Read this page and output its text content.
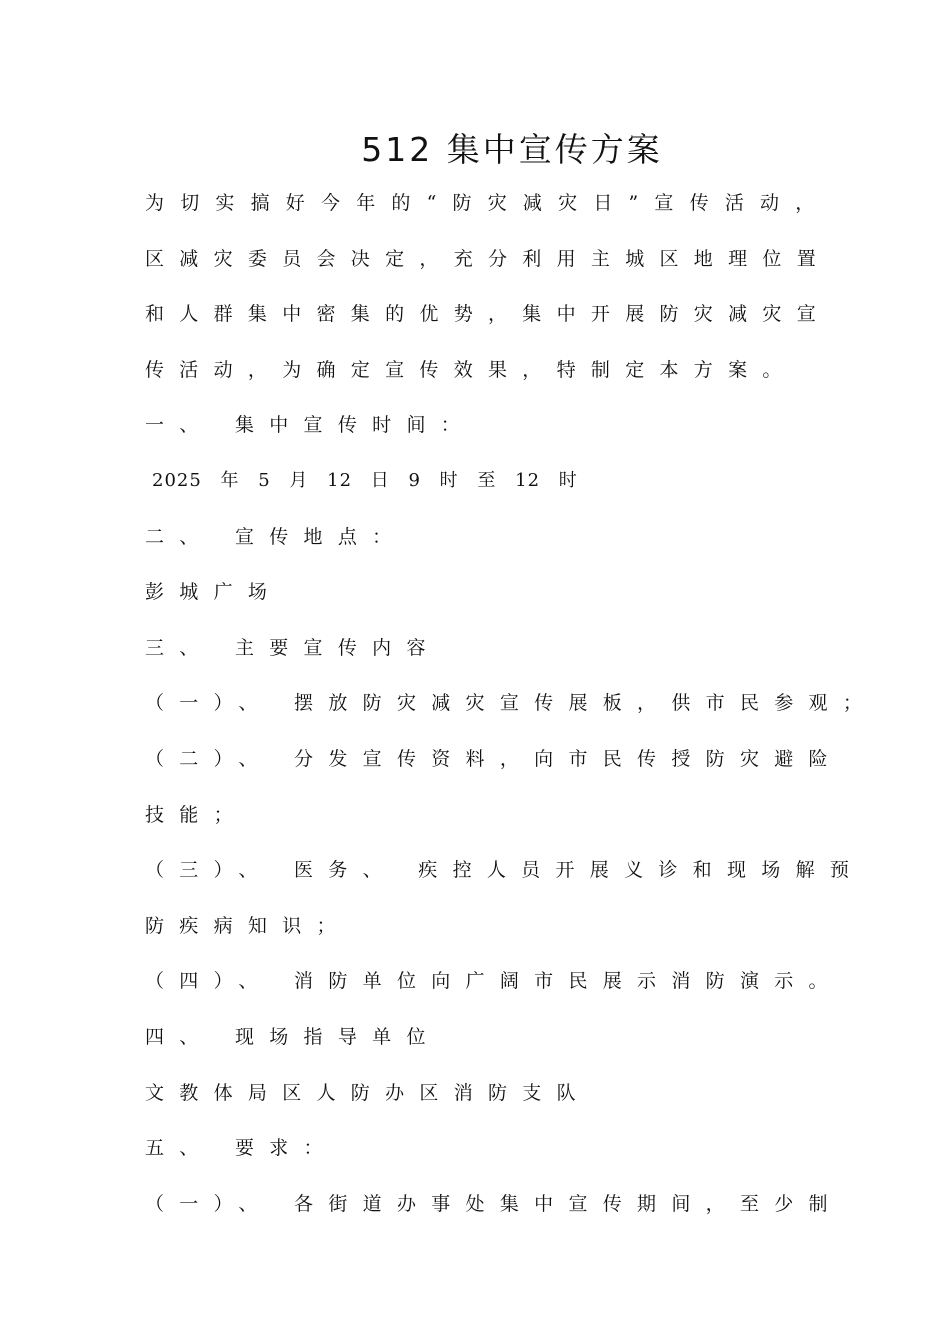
512 集中宣传方案
为切实搞好今年的“防灾减灾日”宣传活动，
区减灾委员会决定，充分利用主城区地理位置
和人群集中密集的优势，集中开展防灾减灾宣
传活动，为确定宣传效果，特制定本方案。
一、 集中宣传时间：
2025 年 5 月 12 日 9 时 至 12 时
二、 宣传地点：
彭城广场
三、 主要宣传内容
（一）、 摆放防灾减灾宣传展板，供市民参观；
（二）、 分发宣传资料，向市民传授防灾避险
技能；
（三）、 医务、 疾控人员开展义诊和现场解预
防疾病知识；
（四）、 消防单位向广阔市民展示消防演示。
四、 现场指导单位
文教体局区人防办区消防支队
五、 要求：
（一）、 各街道办事处集中宣传期间，至少制
